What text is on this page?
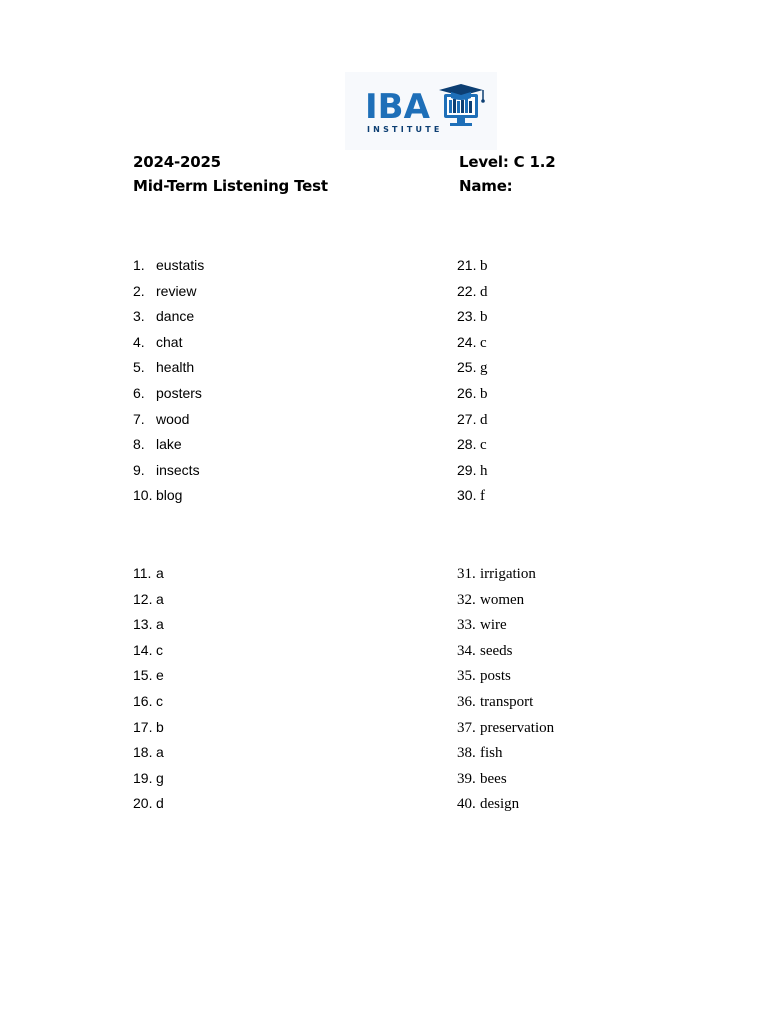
IBA
INSTITUTE
2024-2025
Mid-Term Listening Test
Level: C 1.2
Name:
1. eustatis
2. review
3. dance
4. chat
5. health
6. posters
7. wood
8. lake
9. insects
10. blog
21. b
22. d
23. b
24. c
25. g
26. b
27. d
28. c
29. h
30. f
11. a
12. a
13. a
14. c
15. e
16. c
17. b
18. a
19. g
20. d
31. irrigation
32. women
33. wire
34. seeds
35. posts
36. transport
37. preservation
38. fish
39. bees
40. design
